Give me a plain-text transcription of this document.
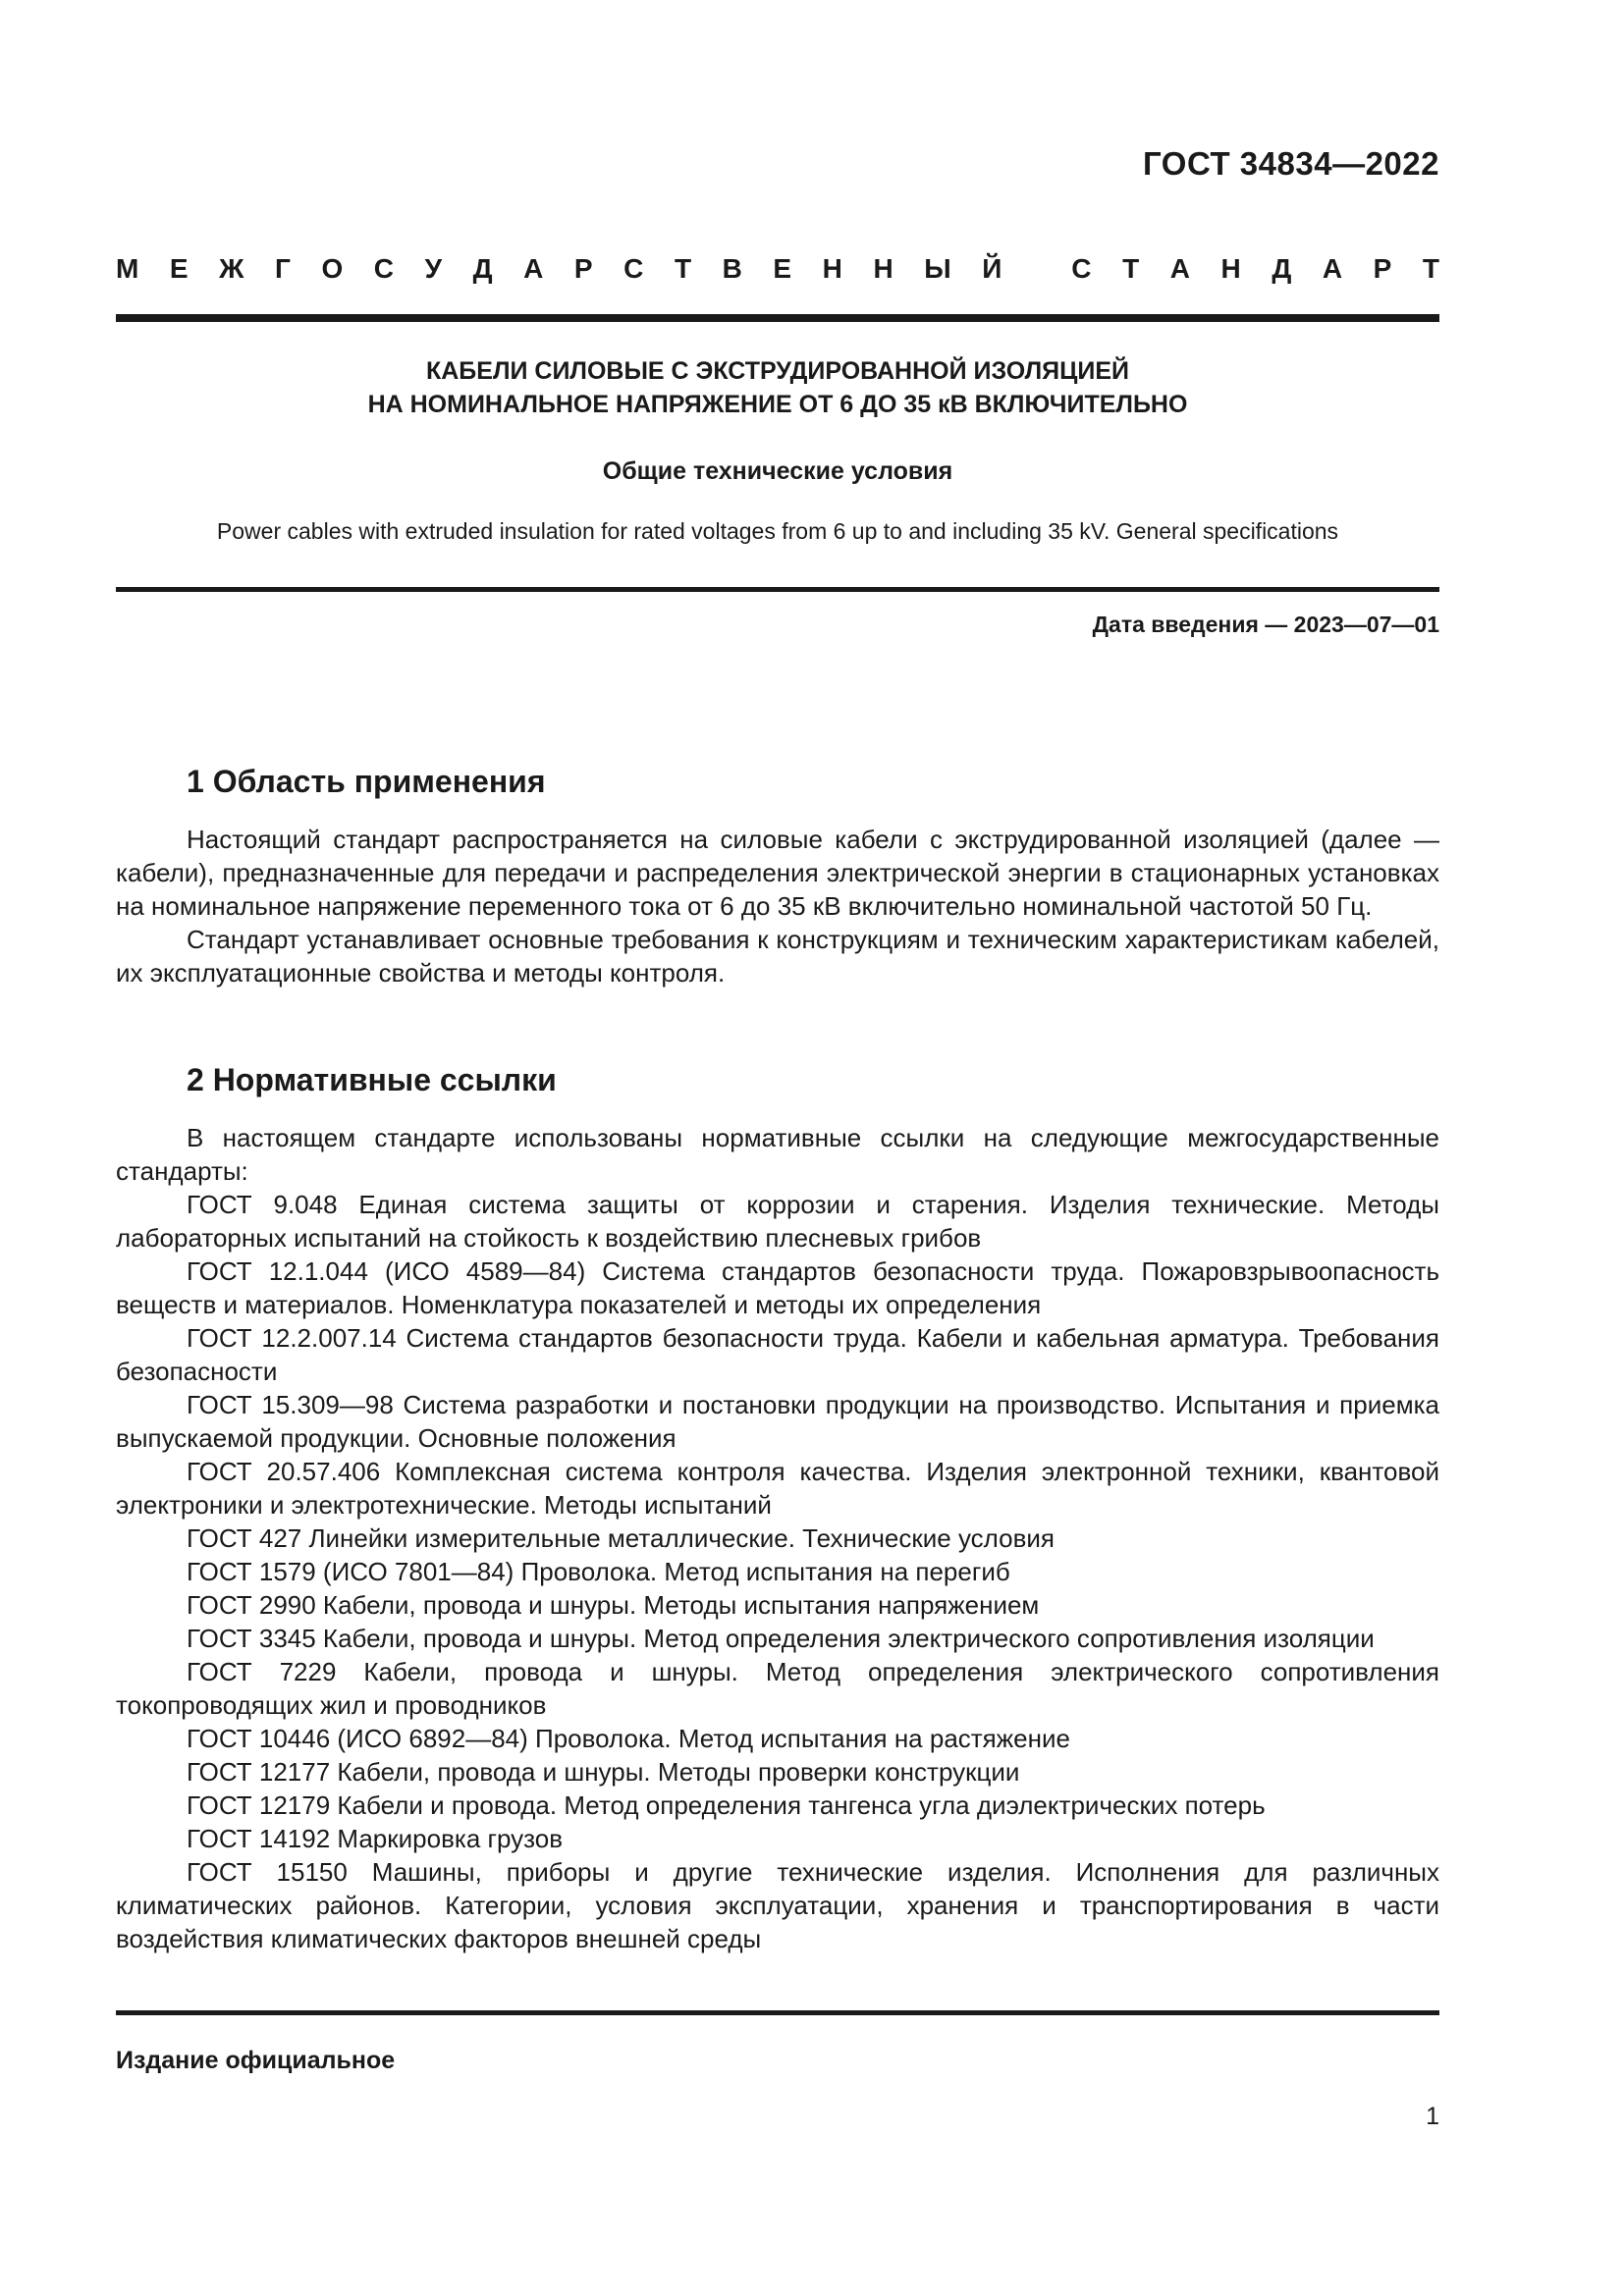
ГОСТ 34834—2022
М Е Ж Г О С У Д А Р С Т В Е Н Н Ы Й
	С Т А Н Д А Р Т
КАБЕЛИ СИЛОВЫЕ С ЭКСТРУДИРОВАННОЙ ИЗОЛЯЦИЕЙ
НА НОМИНАЛЬНОЕ НАПРЯЖЕНИЕ ОТ 6 ДО 35 кВ ВКЛЮЧИТЕЛЬНО
Общие технические условия
Power cables with extruded insulation for rated voltages from 6 up to and including 35 kV. General specifications
Дата введения — 2023—07—01
1 Область применения

Настоящий стандарт распространяется на силовые кабели с экструдированной изоляцией (далее — кабели), предназначенные для передачи и распределения электрической энергии в стационарных установках на номинальное напряжение переменного тока от 6 до 35 кВ включительно номинальной частотой 50 Гц.

Стандарт устанавливает основные требования к конструкциям и техническим характеристикам кабелей, их эксплуатационные свойства и методы контроля.

2 Нормативные ссылки

В настоящем стандарте использованы нормативные ссылки на следующие межгосударственные стандарты:

ГОСТ 9.048 Единая система защиты от коррозии и старения. Изделия технические. Методы лабораторных испытаний на стойкость к воздействию плесневых грибов

ГОСТ 12.1.044 (ИСО 4589—84) Система стандартов безопасности труда. Пожаровзрывоопасность веществ и материалов. Номенклатура показателей и методы их определения

ГОСТ 12.2.007.14 Система стандартов безопасности труда. Кабели и кабельная арматура. Требования безопасности

ГОСТ 15.309—98 Система разработки и постановки продукции на производство. Испытания и приемка выпускаемой продукции. Основные положения

ГОСТ 20.57.406 Комплексная система контроля качества. Изделия электронной техники, квантовой электроники и электротехнические. Методы испытаний

ГОСТ 427 Линейки измерительные металлические. Технические условия

ГОСТ 1579 (ИСО 7801—84) Проволока. Метод испытания на перегиб

ГОСТ 2990 Кабели, провода и шнуры. Методы испытания напряжением

ГОСТ 3345 Кабели, провода и шнуры. Метод определения электрического сопротивления изоляции

ГОСТ 7229 Кабели, провода и шнуры. Метод определения электрического сопротивления токопроводящих жил и проводников

ГОСТ 10446 (ИСО 6892—84) Проволока. Метод испытания на растяжение

ГОСТ 12177 Кабели, провода и шнуры. Методы проверки конструкции

ГОСТ 12179 Кабели и провода. Метод определения тангенса угла диэлектрических потерь

ГОСТ 14192 Маркировка грузов

ГОСТ 15150 Машины, приборы и другие технические изделия. Исполнения для различных климатических районов. Категории, условия эксплуатации, хранения и транспортирования в части воздействия климатических факторов внешней среды

Издание официальное
1
